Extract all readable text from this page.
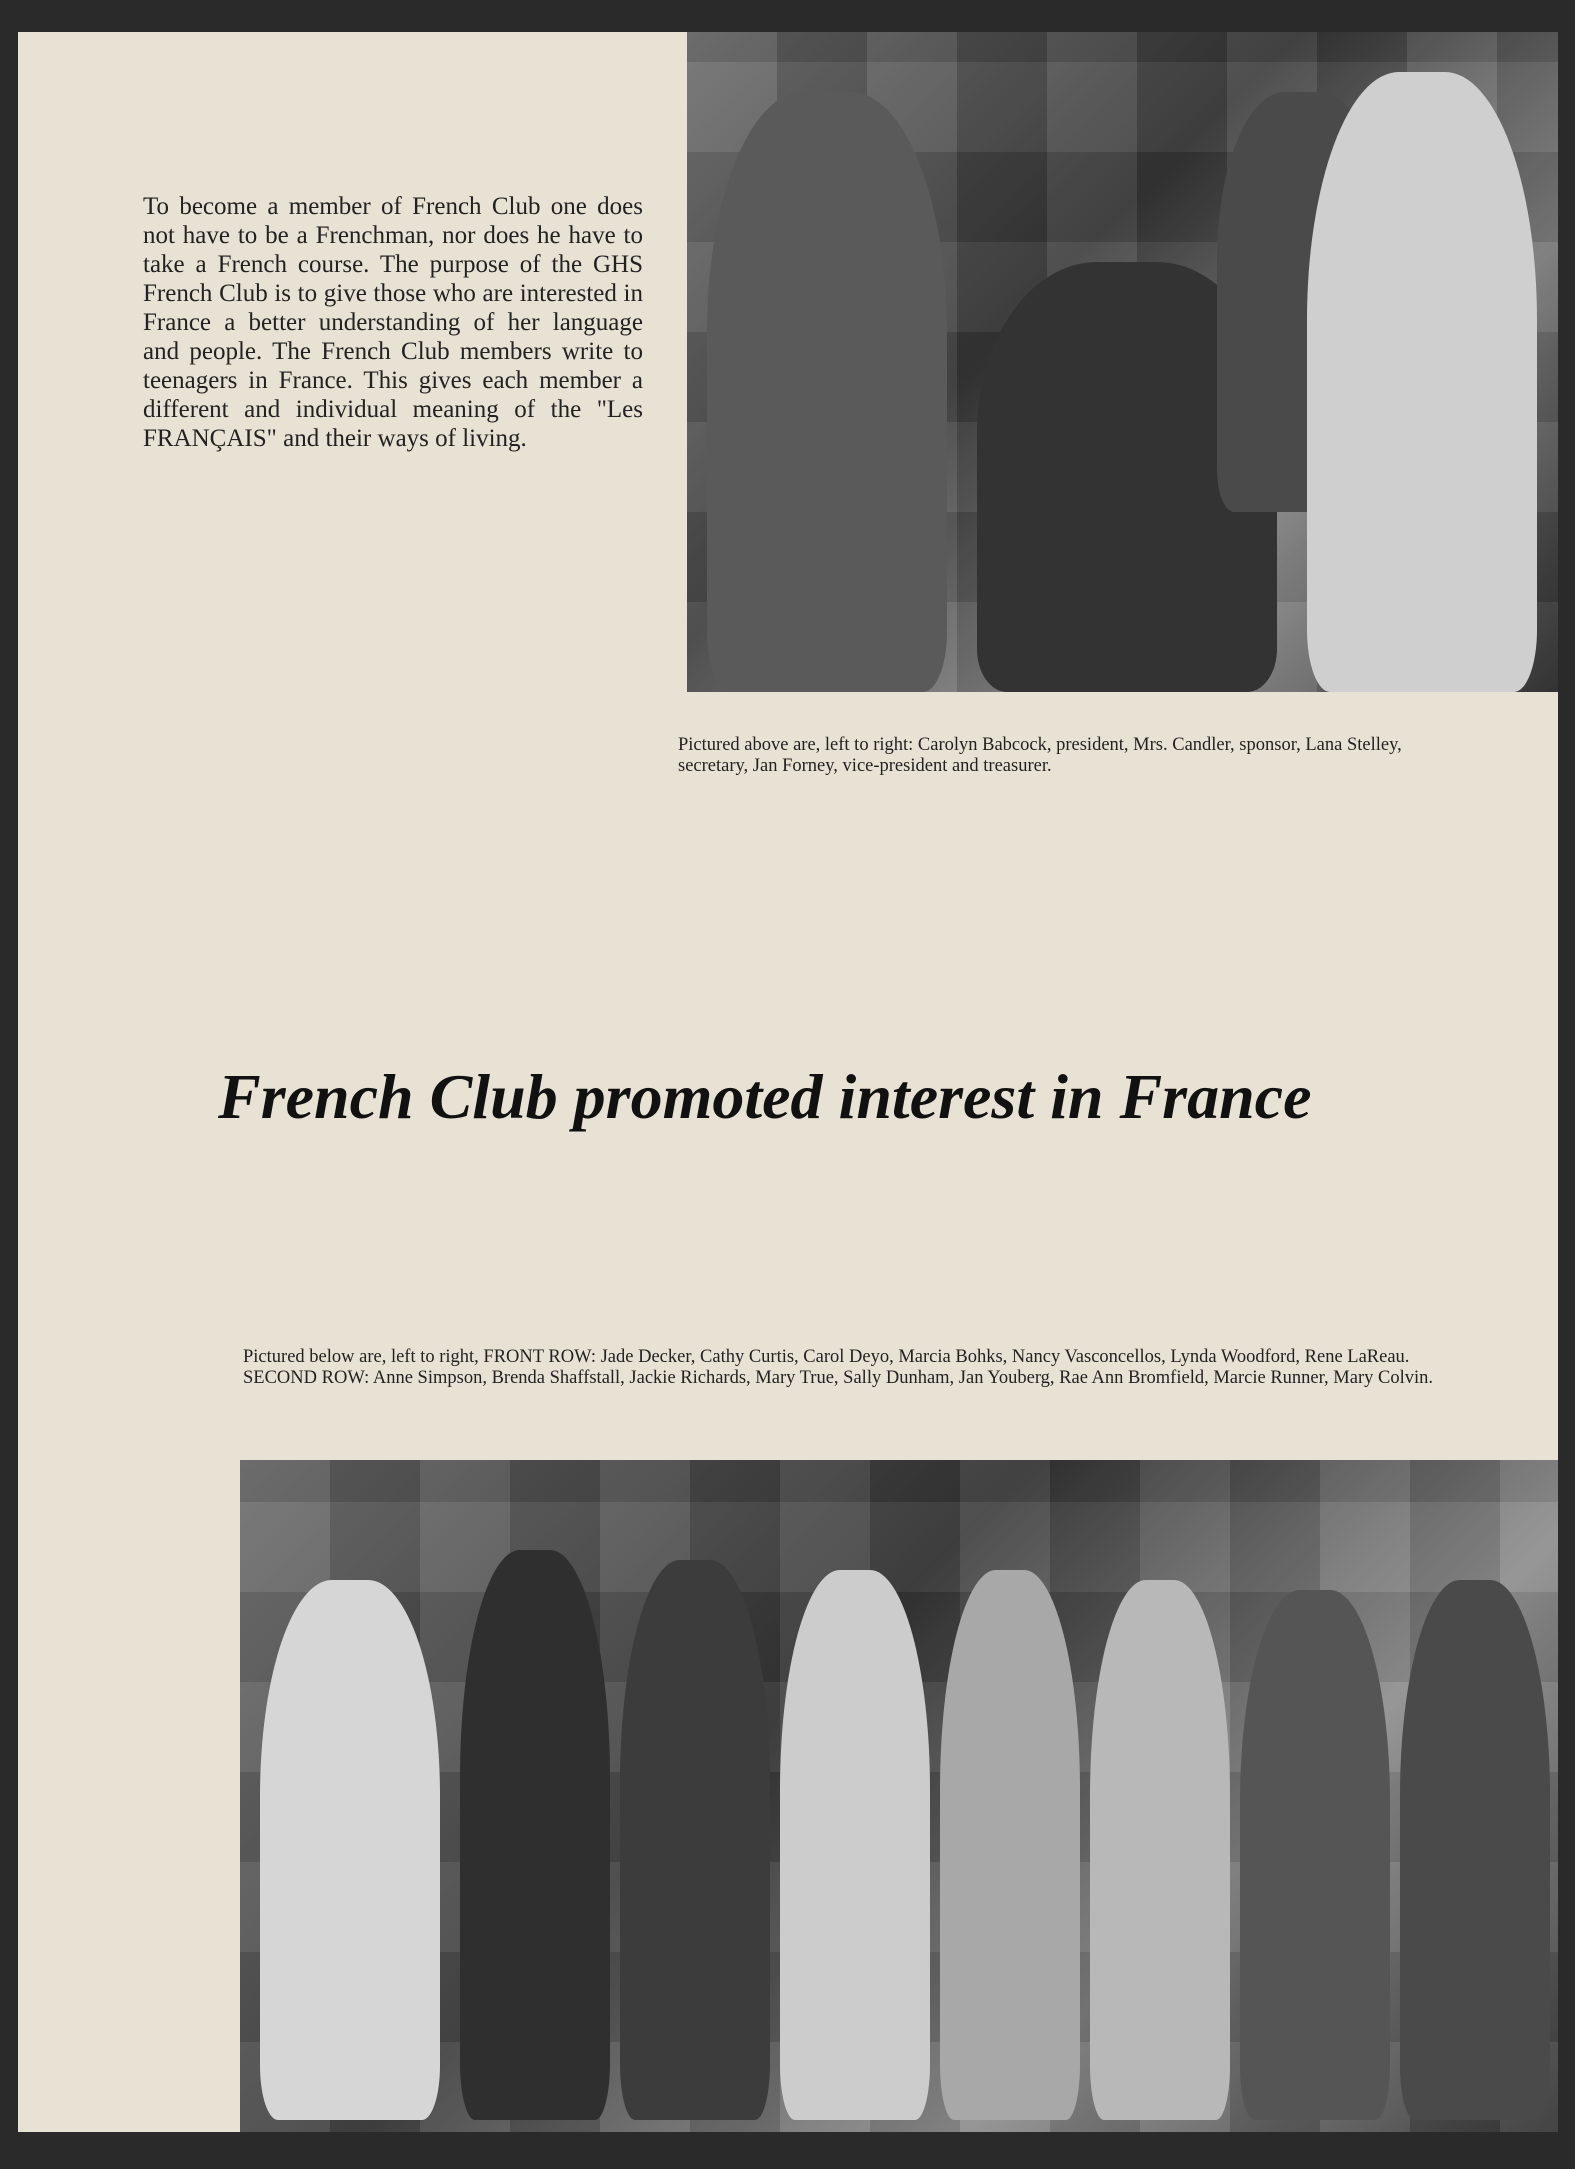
To become a member of French Club one does not have to be a Frenchman, nor does he have to take a French course. The purpose of the GHS French Club is to give those who are interested in France a better understanding of her language and people. The French Club members write to teenagers in France. This gives each member a different and individual meaning of the "Les FRANÇAIS" and their ways of living.

Pictured above are, left to right: Carolyn Babcock, president, Mrs. Candler, sponsor, Lana Stelley, secretary, Jan Forney, vice-president and treasurer.

French Club promoted interest in France

Pictured below are, left to right, FRONT ROW: Jade Decker, Cathy Curtis, Carol Deyo, Marcia Bohks, Nancy Vasconcellos, Lynda Woodford, Rene LaReau. SECOND ROW: Anne Simpson, Brenda Shaffstall, Jackie Richards, Mary True, Sally Dunham, Jan Youberg, Rae Ann Bromfield, Marcie Runner, Mary Colvin.
